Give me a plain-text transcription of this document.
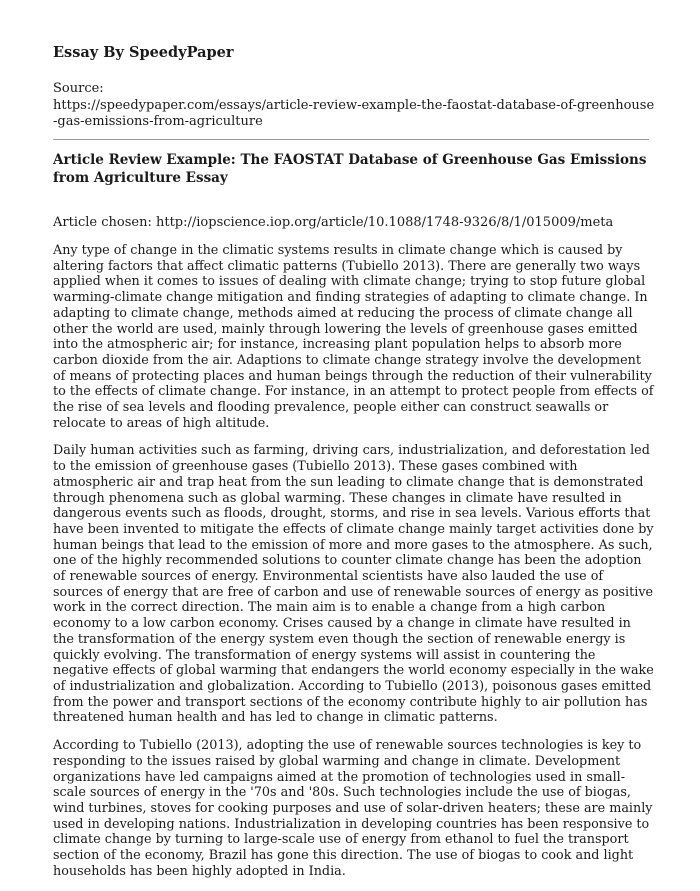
Essay By SpeedyPaper

Source:

https://speedypaper.com/essays/article-review-example-the-faostat-database-of-greenhouse-gas-emissions-from-agriculture

Article Review Example: The FAOSTAT Database of Greenhouse Gas Emissions from Agriculture Essay

Article chosen: http://iopscience.iop.org/article/10.1088/1748-9326/8/1/015009/meta

Any type of change in the climatic systems results in climate change which is caused by altering factors that affect climatic patterns (Tubiello 2013). There are generally two ways applied when it comes to issues of dealing with climate change; trying to stop future global warming-climate change mitigation and finding strategies of adapting to climate change. In adapting to climate change, methods aimed at reducing the process of climate change all other the world are used, mainly through lowering the levels of greenhouse gases emitted into the atmospheric air; for instance, increasing plant population helps to absorb more carbon dioxide from the air. Adaptions to climate change strategy involve the development of means of protecting places and human beings through the reduction of their vulnerability to the effects of climate change. For instance, in an attempt to protect people from effects of the rise of sea levels and flooding prevalence, people either can construct seawalls or relocate to areas of high altitude.

Daily human activities such as farming, driving cars, industrialization, and deforestation led to the emission of greenhouse gases (Tubiello 2013). These gases combined with atmospheric air and trap heat from the sun leading to climate change that is demonstrated through phenomena such as global warming. These changes in climate have resulted in dangerous events such as floods, drought, storms, and rise in sea levels. Various efforts that have been invented to mitigate the effects of climate change mainly target activities done by human beings that lead to the emission of more and more gases to the atmosphere. As such, one of the highly recommended solutions to counter climate change has been the adoption of renewable sources of energy. Environmental scientists have also lauded the use of sources of energy that are free of carbon and use of renewable sources of energy as positive work in the correct direction. The main aim is to enable a change from a high carbon economy to a low carbon economy. Crises caused by a change in climate have resulted in the transformation of the energy system even though the section of renewable energy is quickly evolving. The transformation of energy systems will assist in countering the negative effects of global warming that endangers the world economy especially in the wake of industrialization and globalization. According to Tubiello (2013), poisonous gases emitted from the power and transport sections of the economy contribute highly to air pollution has threatened human health and has led to change in climatic patterns.

According to Tubiello (2013), adopting the use of renewable sources technologies is key to responding to the issues raised by global warming and change in climate. Development organizations have led campaigns aimed at the promotion of technologies used in small-scale sources of energy in the '70s and '80s. Such technologies include the use of biogas, wind turbines, stoves for cooking purposes and use of solar-driven heaters; these are mainly used in developing nations. Industrialization in developing countries has been responsive to climate change by turning to large-scale use of energy from ethanol to fuel the transport section of the economy, Brazil has gone this direction. The use of biogas to cook and light households has been highly adopted in India.
